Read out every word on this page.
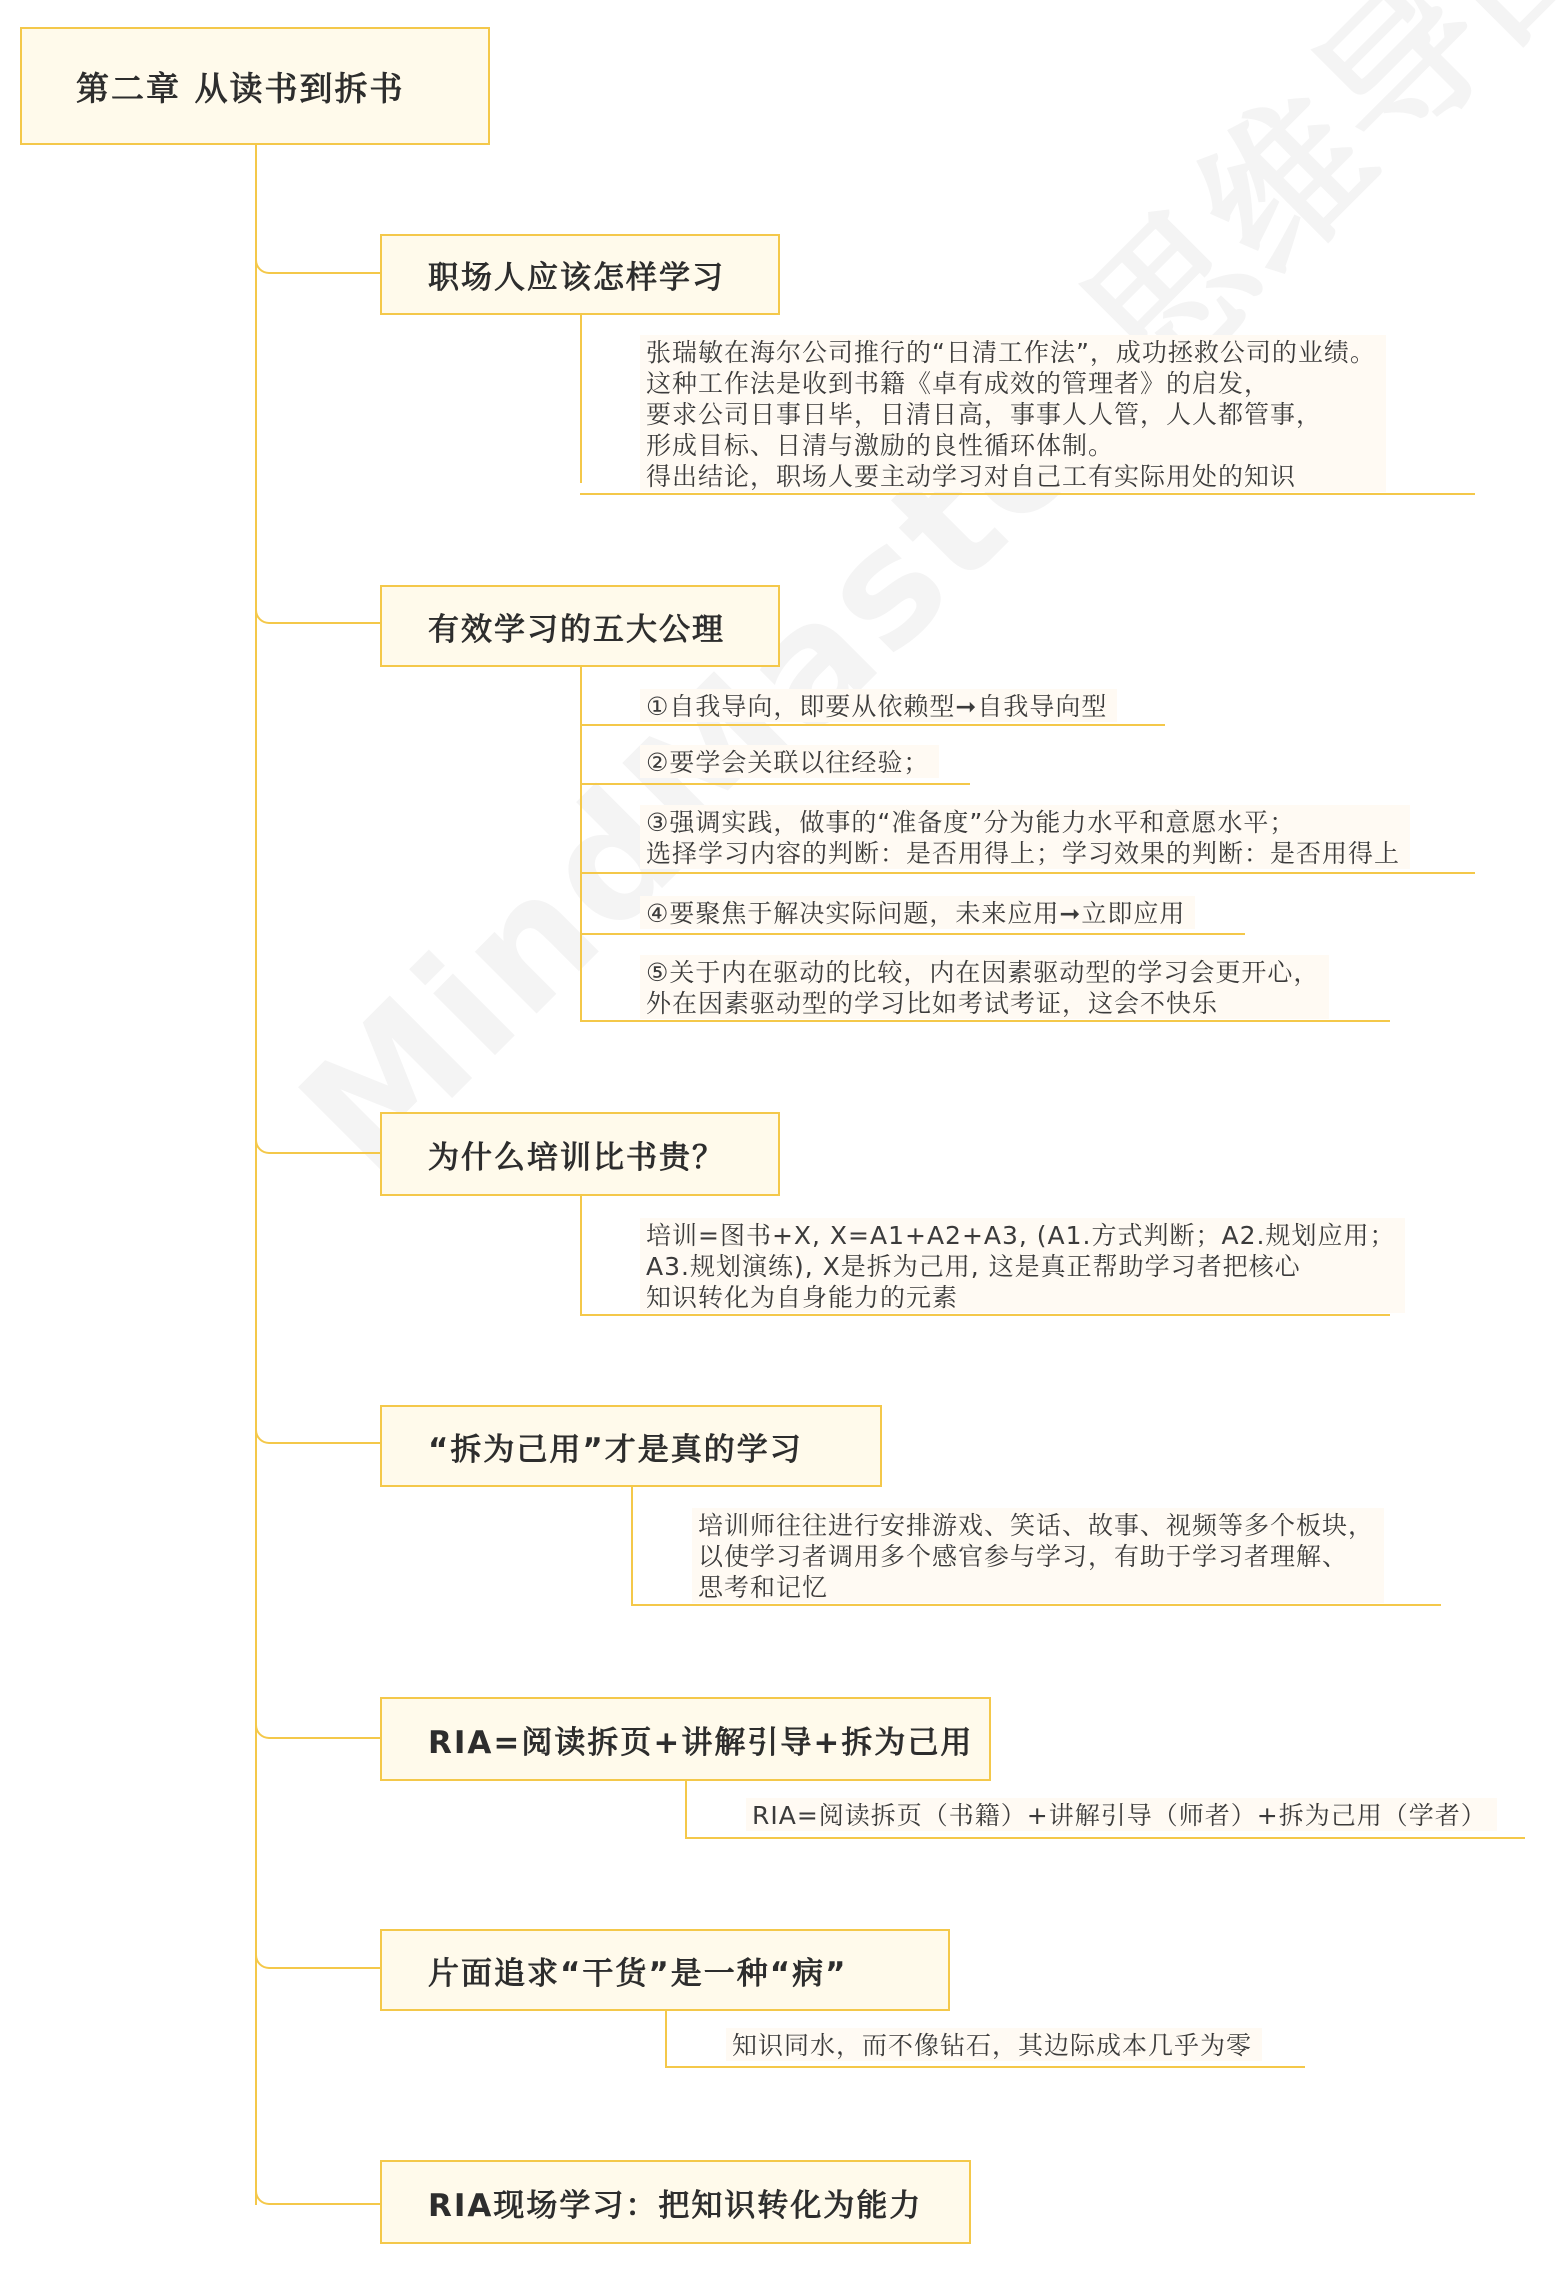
第二章 从读书到拆书
职场人应该怎样学习
张瑞敏在海尔公司推行的“日清工作法”，成功拯救公司的业绩。
这种工作法是收到书籍《卓有成效的管理者》的启发，
要求公司日事日毕，日清日高，事事人人管，人人都管事，
形成目标、日清与激励的良性循环体制。
得出结论，职场人要主动学习对自己工有实际用处的知识
有效学习的五大公理
①自我导向，即要从依赖型➞自我导向型
②要学会关联以往经验；
③强调实践，做事的“准备度”分为能力水平和意愿水平；
选择学习内容的判断：是否用得上；学习效果的判断：是否用得上
④要聚焦于解决实际问题，未来应用➞立即应用
⑤关于内在驱动的比较，内在因素驱动型的学习会更开心，
外在因素驱动型的学习比如考试考证，这会不快乐
为什么培训比书贵？
培训=图书+X, X=A1+A2+A3, (A1.方式判断；A2.规划应用；
A3.规划演练), X是拆为己用, 这是真正帮助学习者把核心
知识转化为自身能力的元素
“拆为己用”才是真的学习
培训师往往进行安排游戏、笑话、故事、视频等多个板块，
以使学习者调用多个感官参与学习，有助于学习者理解、
思考和记忆
RIA=阅读拆页+讲解引导+拆为己用
RIA=阅读拆页（书籍）+讲解引导（师者）+拆为己用（学者）
片面追求“干货”是一种“病”
知识同水，而不像钻石，其边际成本几乎为零
RIA现场学习：把知识转化为能力
